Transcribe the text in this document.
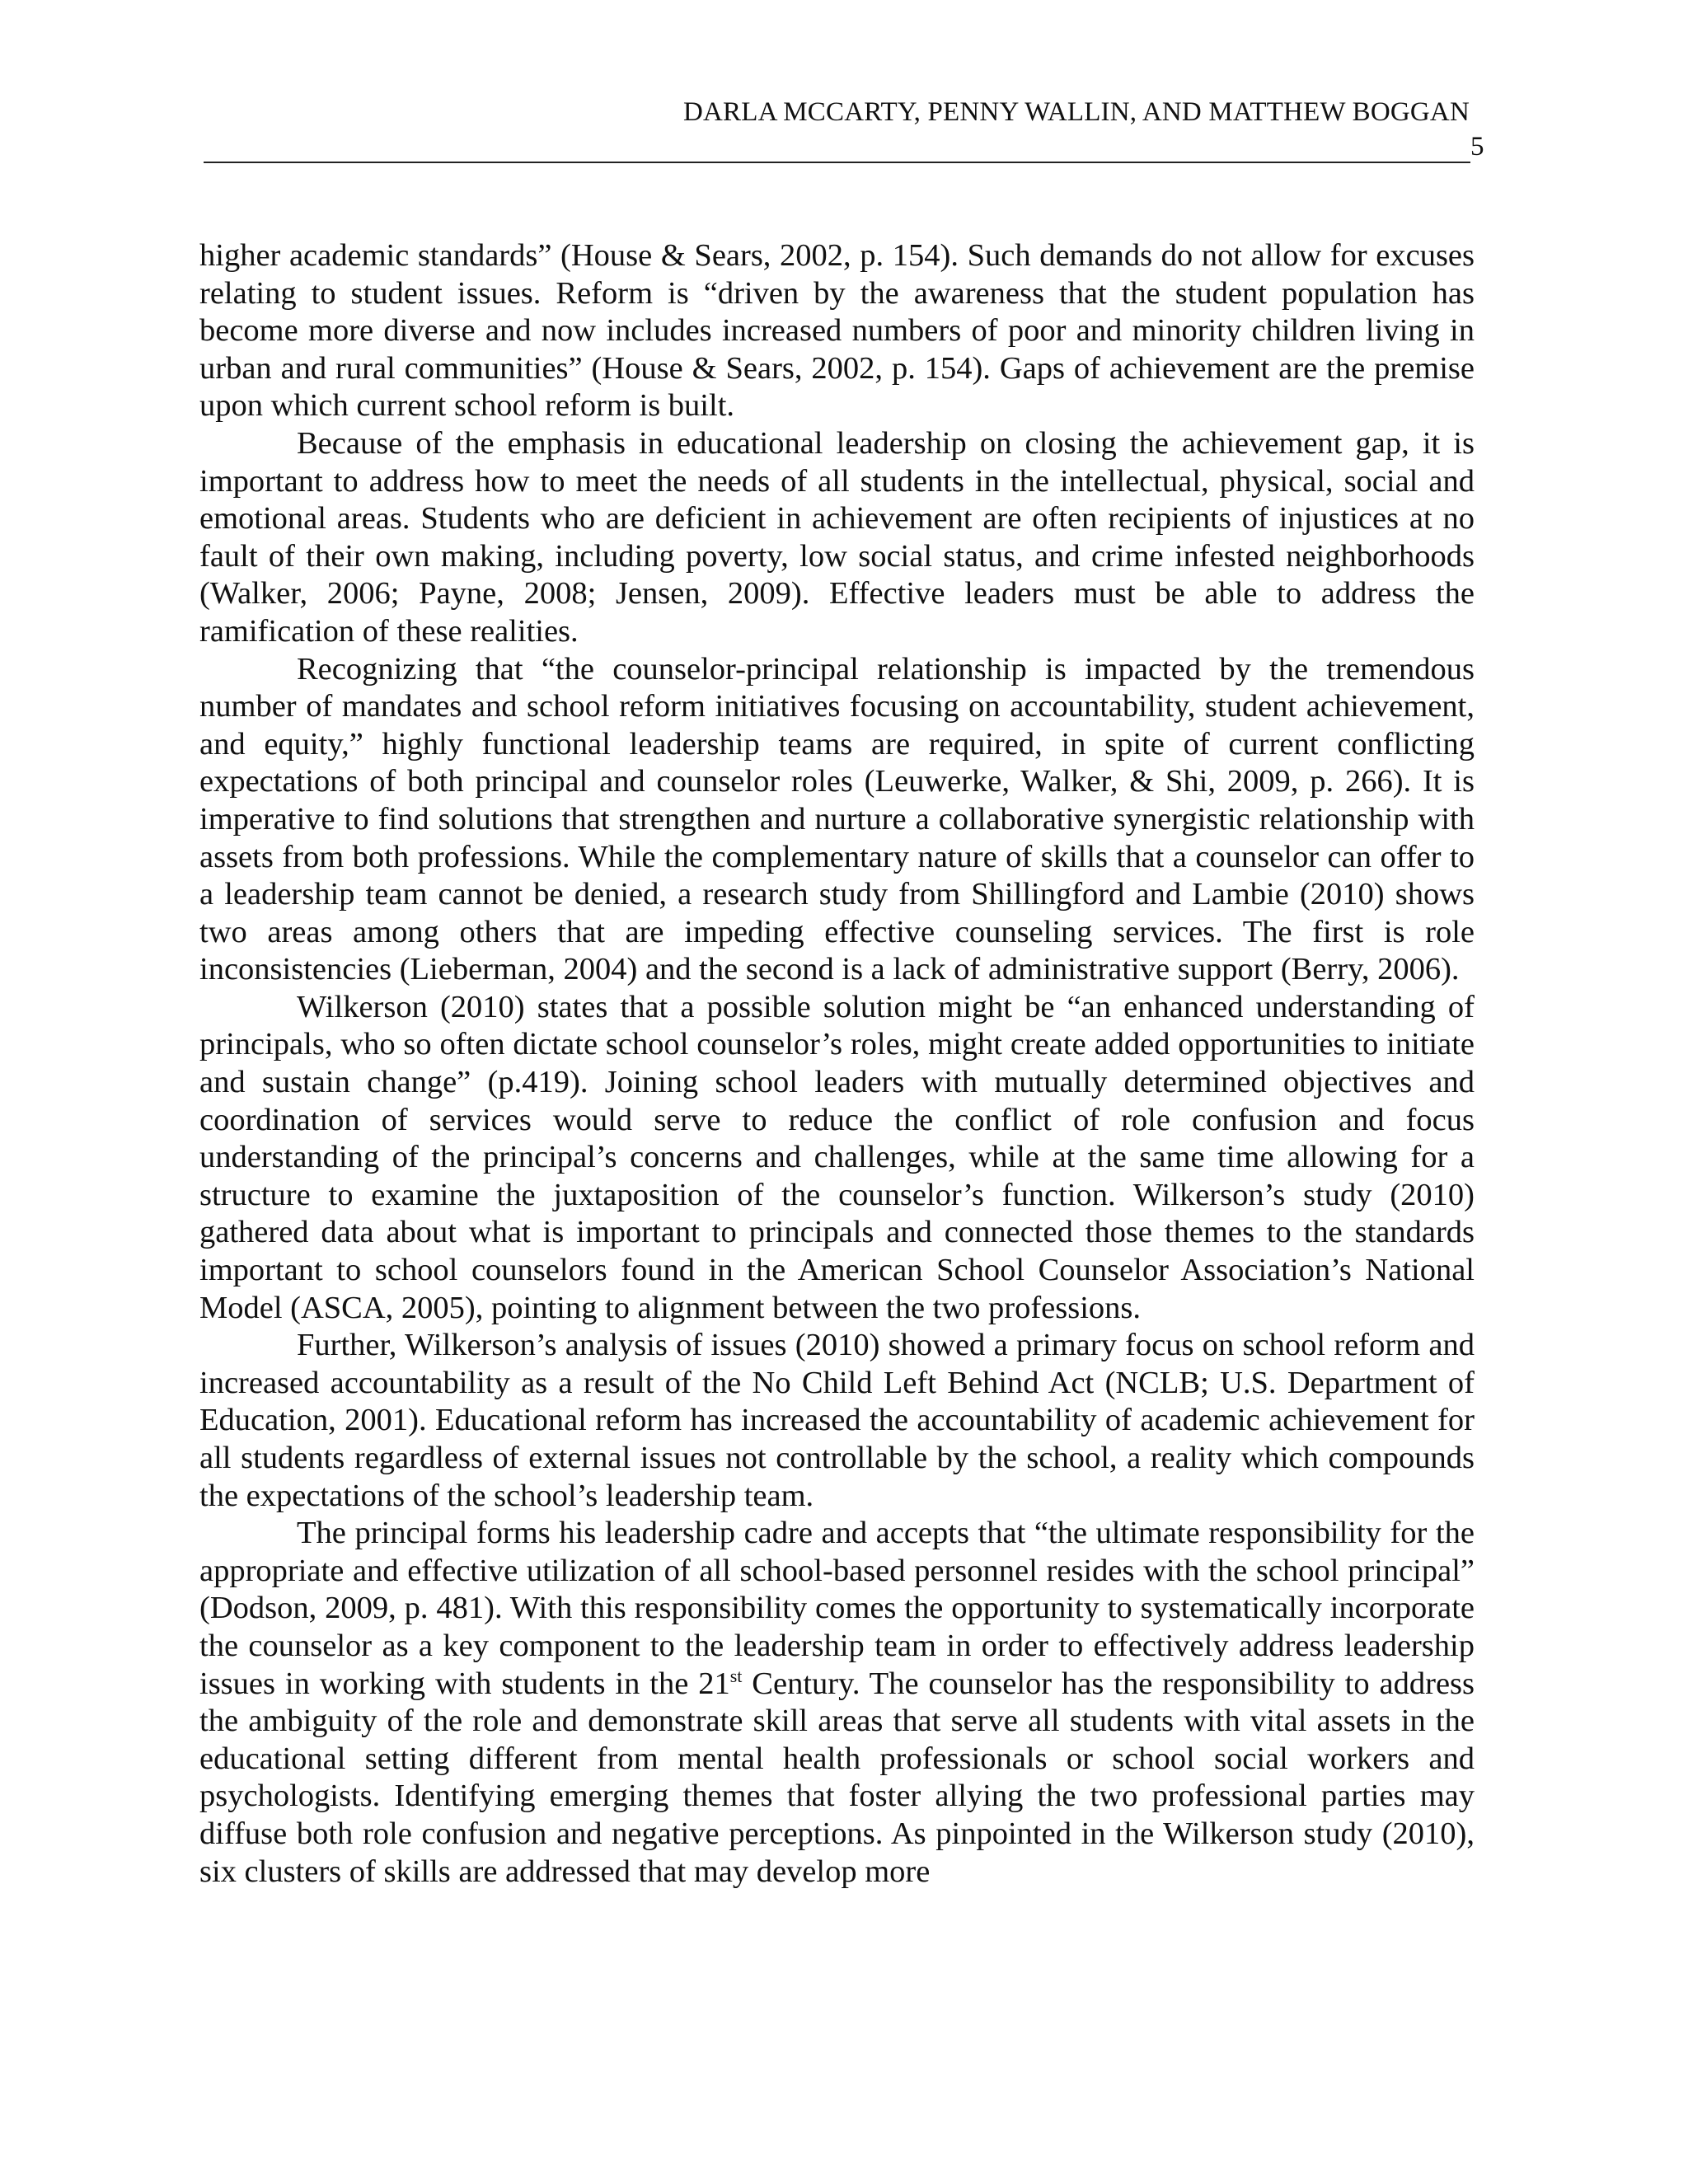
DARLA MCCARTY, PENNY WALLIN, AND MATTHEW BOGGAN
5

higher academic standards” (House & Sears, 2002, p. 154). Such demands do not allow for excuses relating to student issues. Reform is “driven by the awareness that the student population has become more diverse and now includes increased numbers of poor and minority children living in urban and rural communities” (House & Sears, 2002, p. 154). Gaps of achievement are the premise upon which current school reform is built.

Because of the emphasis in educational leadership on closing the achievement gap, it is important to address how to meet the needs of all students in the intellectual, physical, social and emotional areas. Students who are deficient in achievement are often recipients of injustices at no fault of their own making, including poverty, low social status, and crime infested neighborhoods (Walker, 2006; Payne, 2008; Jensen, 2009). Effective leaders must be able to address the ramification of these realities.

Recognizing that “the counselor-principal relationship is impacted by the tremendous number of mandates and school reform initiatives focusing on accountability, student achievement, and equity,” highly functional leadership teams are required, in spite of current conflicting expectations of both principal and counselor roles (Leuwerke, Walker, & Shi, 2009, p. 266). It is imperative to find solutions that strengthen and nurture a collaborative synergistic relationship with assets from both professions. While the complementary nature of skills that a counselor can offer to a leadership team cannot be denied, a research study from Shillingford and Lambie (2010) shows two areas among others that are impeding effective counseling services. The first is role inconsistencies (Lieberman, 2004) and the second is a lack of administrative support (Berry, 2006).

Wilkerson (2010) states that a possible solution might be “an enhanced understanding of principals, who so often dictate school counselor’s roles, might create added opportunities to initiate and sustain change” (p.419). Joining school leaders with mutually determined objectives and coordination of services would serve to reduce the conflict of role confusion and focus understanding of the principal’s concerns and challenges, while at the same time allowing for a structure to examine the juxtaposition of the counselor’s function. Wilkerson’s study (2010) gathered data about what is important to principals and connected those themes to the standards important to school counselors found in the American School Counselor Association’s National Model (ASCA, 2005), pointing to alignment between the two professions.

Further, Wilkerson’s analysis of issues (2010) showed a primary focus on school reform and increased accountability as a result of the No Child Left Behind Act (NCLB; U.S. Department of Education, 2001). Educational reform has increased the accountability of academic achievement for all students regardless of external issues not controllable by the school, a reality which compounds the expectations of the school’s leadership team.

The principal forms his leadership cadre and accepts that “the ultimate responsibility for the appropriate and effective utilization of all school-based personnel resides with the school principal” (Dodson, 2009, p. 481). With this responsibility comes the opportunity to systematically incorporate the counselor as a key component to the leadership team in order to effectively address leadership issues in working with students in the 21st Century. The counselor has the responsibility to address the ambiguity of the role and demonstrate skill areas that serve all students with vital assets in the educational setting different from mental health professionals or school social workers and psychologists. Identifying emerging themes that foster allying the two professional parties may diffuse both role confusion and negative perceptions. As pinpointed in the Wilkerson study (2010), six clusters of skills are addressed that may develop more
